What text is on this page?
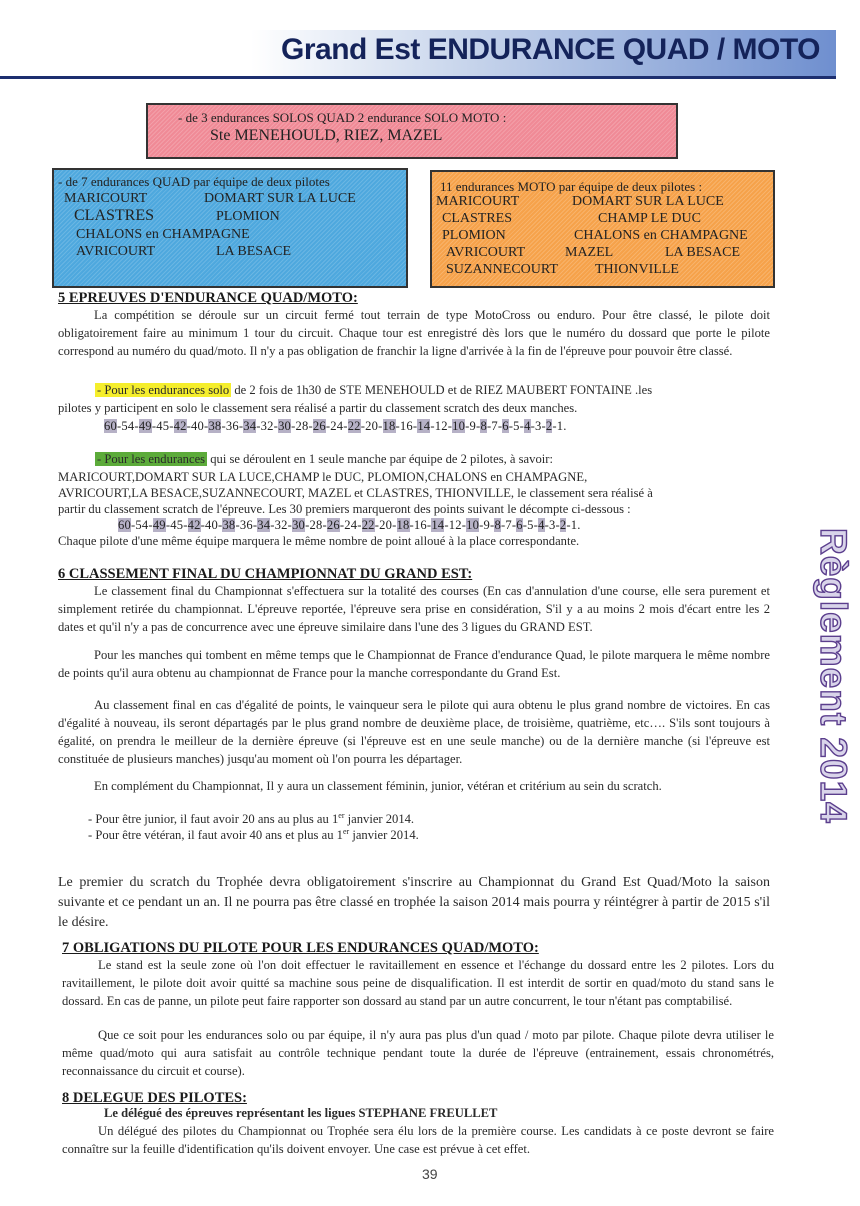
Grand Est ENDURANCE QUAD / MOTO
- de 3 endurances SOLOS QUAD 2 endurance SOLO MOTO :
Ste MENEHOULD, RIEZ, MAZEL
- de 7 endurances QUAD par équipe de deux pilotes
MARICOURT	DOMART SUR LA LUCE
CLASTRES	PLOMION
CHALONS en CHAMPAGNE
AVRICOURT	LA BESACE
11 endurances MOTO par équipe de deux pilotes :
MARICOURT	DOMART SUR LA LUCE
CLASTRES	CHAMP LE DUC
PLOMION	CHALONS en CHAMPAGNE
AVRICOURT	MAZEL	LA BESACE
SUZANNECOURT	THIONVILLE
5 EPREUVES D'ENDURANCE QUAD/MOTO:
La compétition se déroule sur un circuit fermé tout terrain de type MotoCross ou enduro. Pour être classé, le pilote doit obligatoirement faire au minimum 1 tour du circuit. Chaque tour est enregistré dès lors que le numéro du dossard que porte le pilote correspond au numéro du quad/moto. Il n'y a pas obligation de franchir la ligne d'arrivée à la fin de l'épreuve pour pouvoir être classé.
- Pour les endurances solo de 2 fois de 1h30 de STE MENEHOULD et de RIEZ MAUBERT FONTAINE .les
pilotes y participent en solo le classement sera réalisé a partir du classement scratch des deux manches.
60-54-49-45-42-40-38-36-34-32-30-28-26-24-22-20-18-16-14-12-10-9-8-7-6-5-4-3-2-1.
- Pour les endurances qui se déroulent en 1 seule manche par équipe de 2 pilotes, à savoir:
MARICOURT,DOMART SUR LA LUCE,CHAMP le DUC, PLOMION,CHALONS en CHAMPAGNE,
AVRICOURT,LA BESACE,SUZANNECOURT, MAZEL et CLASTRES, THIONVILLE, le classement sera réalisé à
partir du classement scratch de l'épreuve. Les 30 premiers marqueront des points suivant le décompte ci-dessous :
60-54-49-45-42-40-38-36-34-32-30-28-26-24-22-20-18-16-14-12-10-9-8-7-6-5-4-3-2-1.
Chaque pilote d'une même équipe marquera le même nombre de point alloué à la place correspondante.
6 CLASSEMENT FINAL DU CHAMPIONNAT DU GRAND EST:
Le classement final du Championnat s'effectuera sur la totalité des courses (En cas d'annulation d'une course, elle sera purement et simplement retirée du championnat. L'épreuve reportée, l'épreuve sera prise en considération, S'il y a au moins 2 mois d'écart entre les 2 dates et qu'il n'y a pas de concurrence avec une épreuve similaire dans l'une des 3 ligues du GRAND EST.
Pour les manches qui tombent en même temps que le Championnat de France d'endurance Quad, le pilote marquera le même nombre de points qu'il aura obtenu au championnat de France pour la manche correspondante du Grand Est.
Au classement final en cas d'égalité de points, le vainqueur sera le pilote qui aura obtenu le plus grand nombre de victoires. En cas d'égalité à nouveau, ils seront départagés par le plus grand nombre de deuxième place, de troisième, quatrième, etc…. S'ils sont toujours à égalité, on prendra le meilleur de la dernière épreuve (si l'épreuve est en une seule manche) ou de la dernière manche (si l'épreuve est constituée de plusieurs manches) jusqu'au moment où l'on pourra les départager.
En complément du Championnat, Il y aura un classement féminin, junior, vétéran et critérium au sein du scratch.
- Pour être junior, il faut avoir 20 ans au plus au 1er janvier 2014.
- Pour être vétéran, il faut avoir 40 ans et plus au 1er janvier 2014.
Le premier du scratch du Trophée devra obligatoirement s'inscrire au Championnat du Grand Est Quad/Moto la saison suivante et ce pendant un an. Il ne pourra pas être classé en trophée la saison 2014 mais pourra y réintégrer à partir de 2015 s'il le désire.
7 OBLIGATIONS DU PILOTE POUR LES ENDURANCES QUAD/MOTO:
Le stand est la seule zone où l'on doit effectuer le ravitaillement en essence et l'échange du dossard entre les 2 pilotes. Lors du ravitaillement, le pilote doit avoir quitté sa machine sous peine de disqualification. Il est interdit de sortir en quad/moto du stand sans le dossard. En cas de panne, un pilote peut faire rapporter son dossard au stand par un autre concurrent, le tour n'étant pas comptabilisé.
Que ce soit pour les endurances solo ou par équipe, il n'y aura pas plus d'un quad / moto par pilote. Chaque pilote devra utiliser le même quad/moto qui aura satisfait au contrôle technique pendant toute la durée de l'épreuve (entrainement, essais chronométrés, reconnaissance du circuit et course).
8 DELEGUE DES PILOTES:
Le délégué des épreuves représentant les ligues STEPHANE FREULLET
Un délégué des pilotes du Championnat ou Trophée sera élu lors de la première course. Les candidats à ce poste devront se faire connaître sur la feuille d'identification qu'ils doivent envoyer. Une case est prévue à cet effet.
Règlement 2014
39
